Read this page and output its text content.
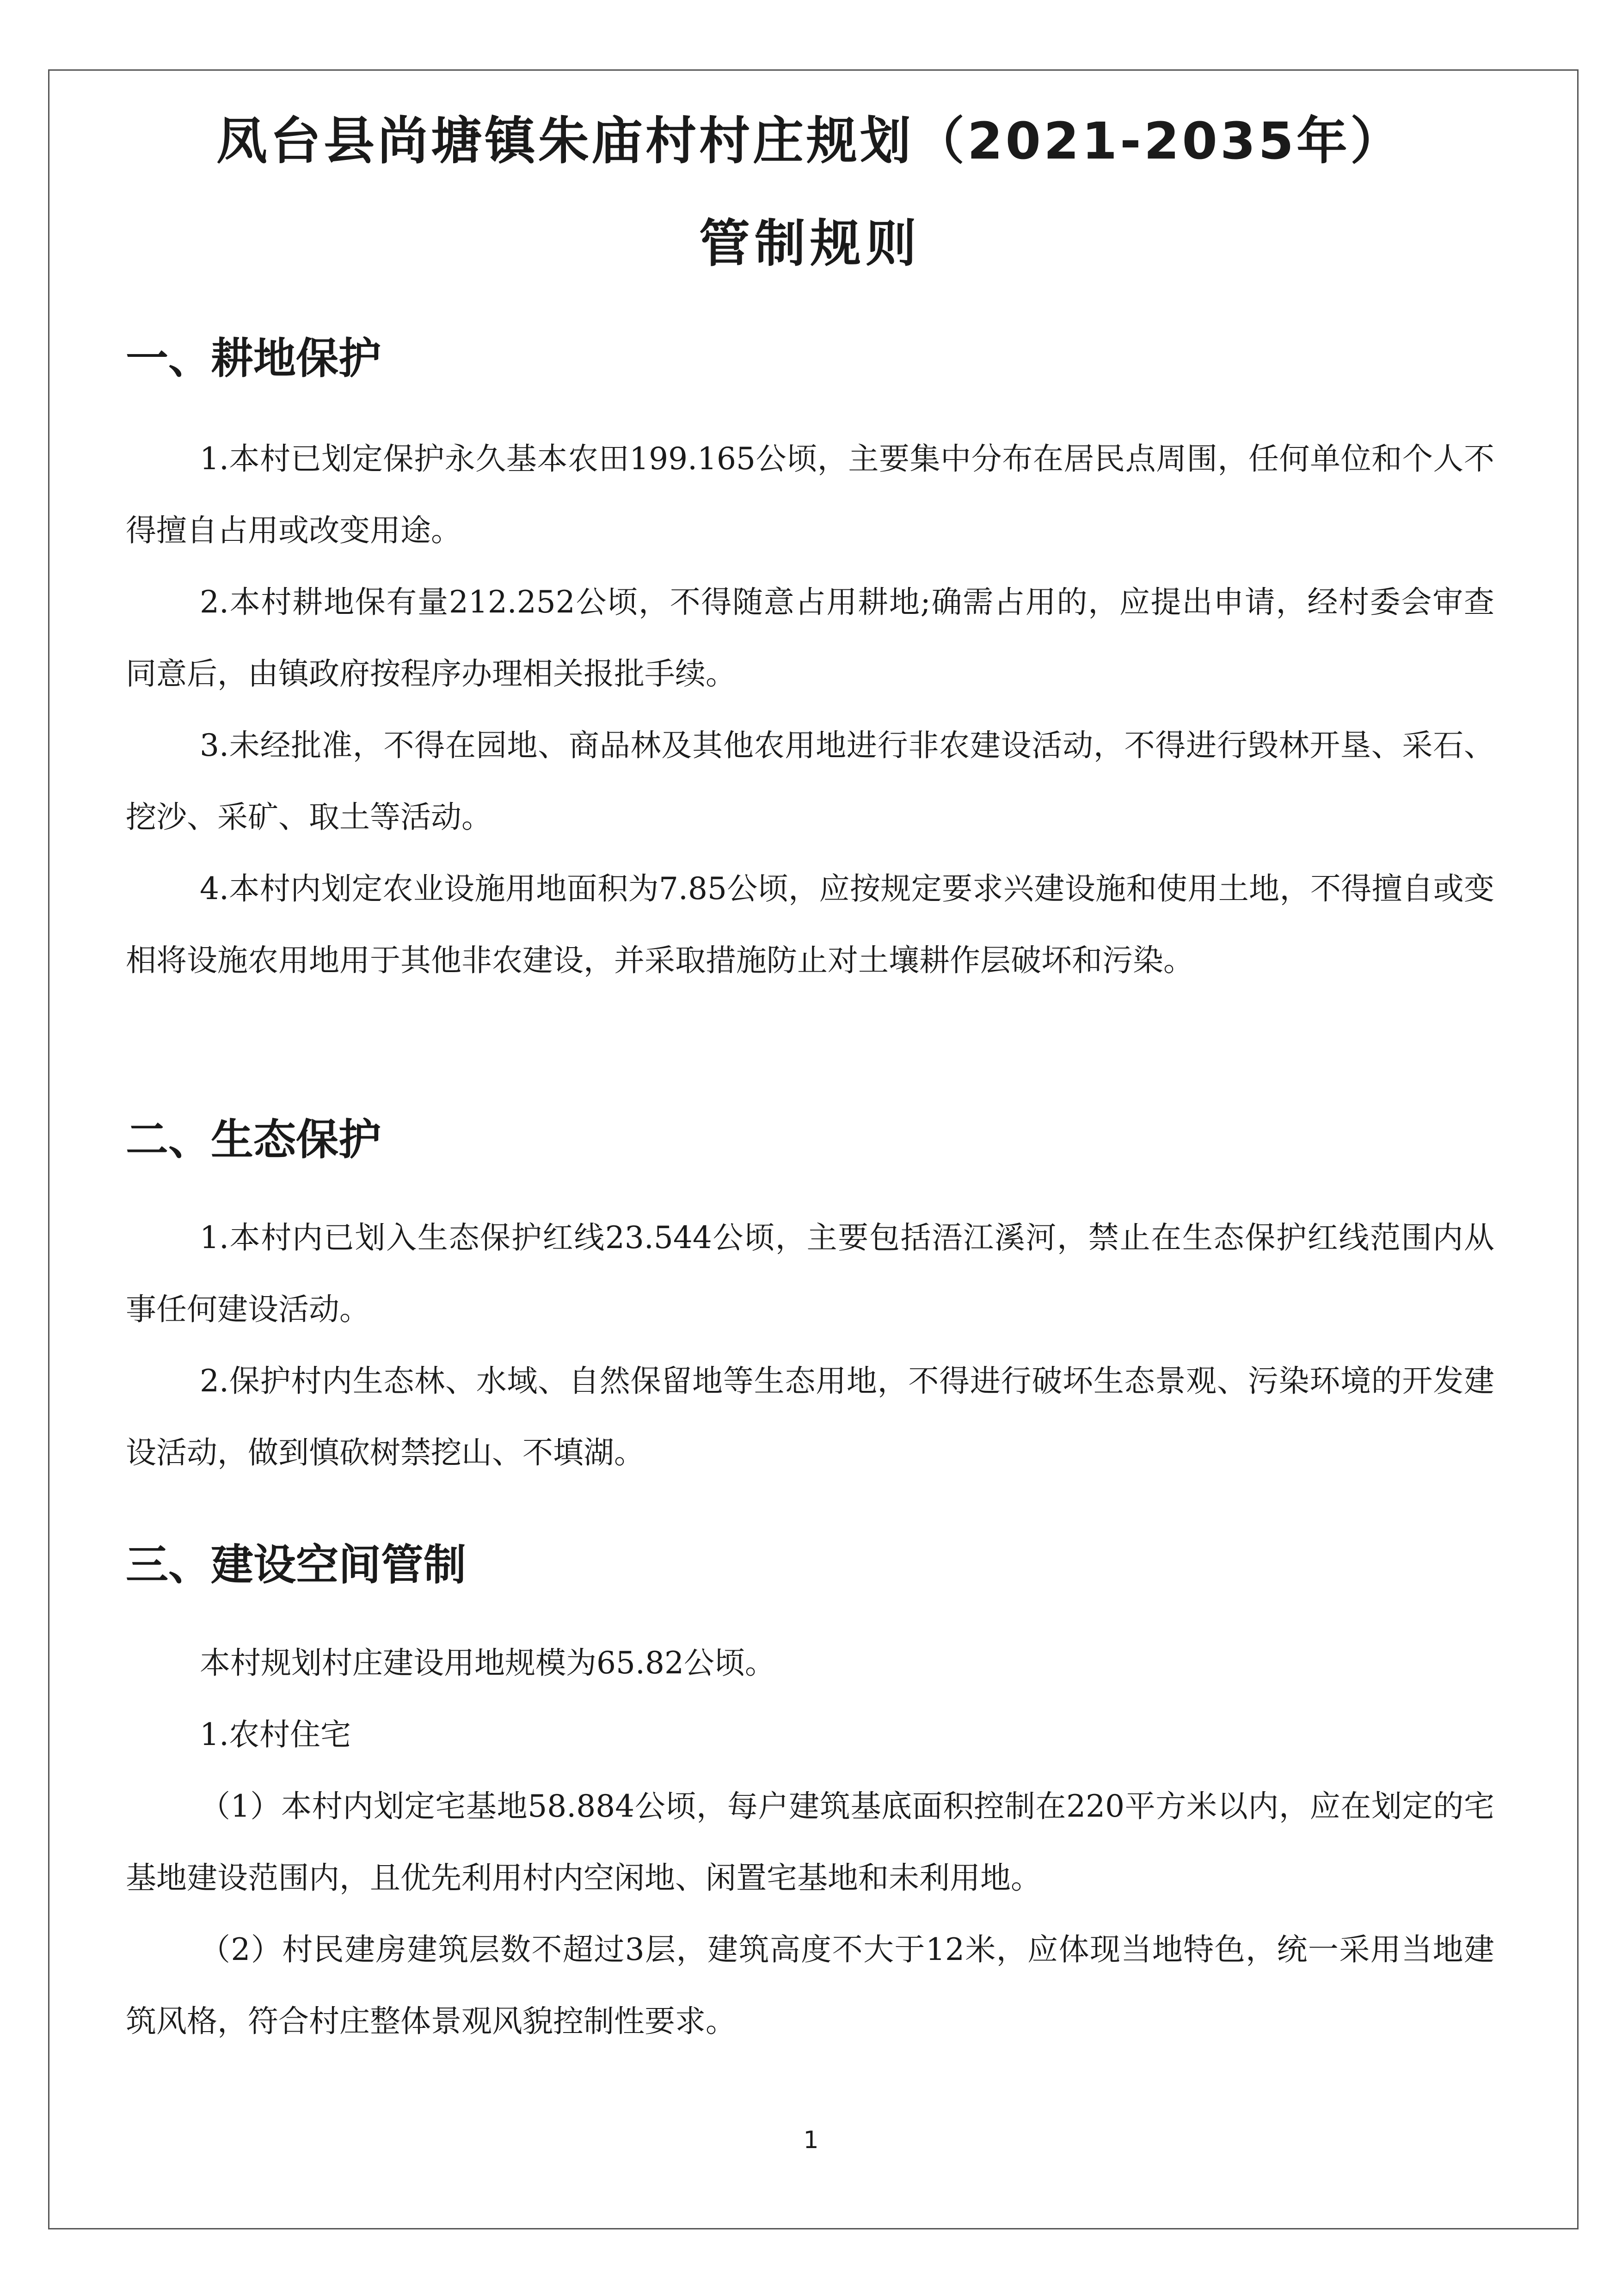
凤台县尚塘镇朱庙村村庄规划（2021-2035年）
管制规则
一、耕地保护

1.本村已划定保护永久基本农田199.165公顷，主要集中分布在居民点周围，任何单位和个人不得擅自占用或改变用途。

2.本村耕地保有量212.252公顷，不得随意占用耕地;确需占用的，应提出申请，经村委会审查同意后，由镇政府按程序办理相关报批手续。

3.未经批准，不得在园地、商品林及其他农用地进行非农建设活动，不得进行毁林开垦、采石、挖沙、采矿、取土等活动。

4.本村内划定农业设施用地面积为7.85公顷，应按规定要求兴建设施和使用土地，不得擅自或变相将设施农用地用于其他非农建设，并采取措施防止对土壤耕作层破坏和污染。

二、生态保护

1.本村内已划入生态保护红线23.544公顷，主要包括浯江溪河，禁止在生态保护红线范围内从事任何建设活动。

2.保护村内生态林、水域、自然保留地等生态用地，不得进行破坏生态景观、污染环境的开发建设活动，做到慎砍树禁挖山、不填湖。

三、建设空间管制

本村规划村庄建设用地规模为65.82公顷。

1.农村住宅

（1）本村内划定宅基地58.884公顷，每户建筑基底面积控制在220平方米以内，应在划定的宅基地建设范围内，且优先利用村内空闲地、闲置宅基地和未利用地。

（2）村民建房建筑层数不超过3层，建筑高度不大于12米，应体现当地特色，统一采用当地建筑风格，符合村庄整体景观风貌控制性要求。

1
